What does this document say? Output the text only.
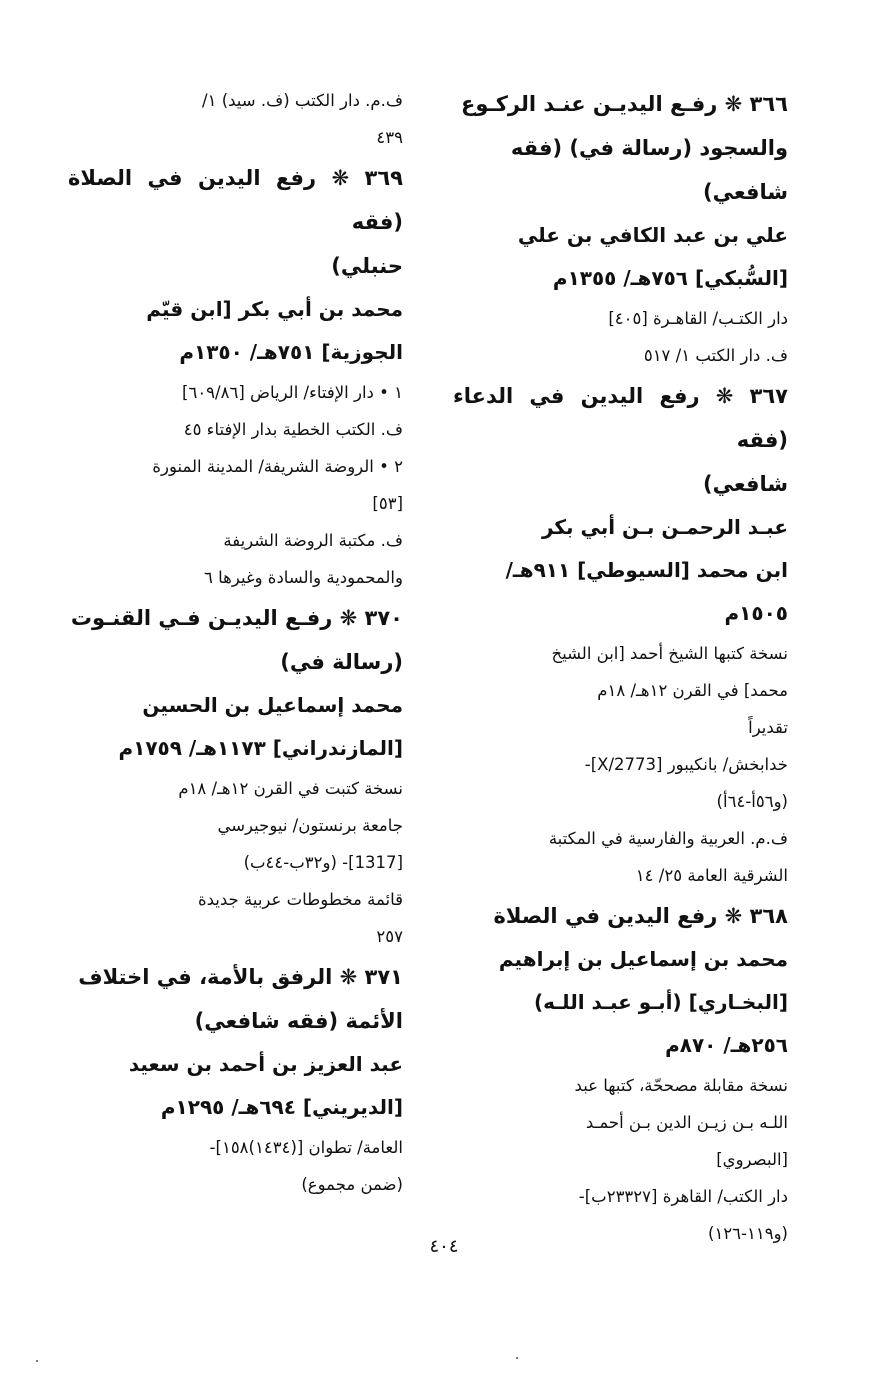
٣٦٦ ❋ رفـع اليديـن عنـد الركـوع
والسجود (رسالة في) (فقه
شافعي)
علي بن عبد الكافي بن علي
[السُّبكي] ٧٥٦هـ/ ١٣٥٥م
دار الكتـب/ القاهـرة [٤٠٥]
ف. دار الكتب ١/ ٥١٧
٣٦٧ ❋ رفع اليدين في الدعاء (فقه
شافعي)
عبـد الرحمـن بـن أبي بكر
ابن محمد [السيوطي] ٩١١هـ/
١٥٠٥م
نسخة كتبها الشيخ أحمد [ابن الشيخ
محمد] في القرن ١٢هـ/ ١٨م
تقديراً
خدابخش/ بانكيبور [2773/X]-
(و٥٦أ-٦٤أ)
ف.م. العربية والفارسية في المكتبة
الشرقية العامة ٢٥/ ١٤
٣٦٨ ❋ رفع اليدين في الصلاة
محمد بن إسماعيل بن إبراهيم
[البخـاري] (أبـو عبـد اللـه)
٢٥٦هـ/ ٨٧٠م
نسخة مقابلة مصححّة، كتبها عبد
اللـه بـن زيـن الدين بـن أحمـد
[البصروي]
دار الكتب/ القاهرة [٢٣٣٢٧ب]-
(و١١٩-١٢٦)
ف.م. دار الكتب (ف. سيد) ١/
٤٣٩
٣٦٩ ❋ رفع اليدين في الصلاة (فقه
حنبلي)
محمد بن أبي بكر [ابن قيّم
الجوزية] ٧٥١هـ/ ١٣٥٠م
١ • دار الإفتاء/ الرياض [٦٠٩/٨٦]
ف. الكتب الخطية بدار الإفتاء ٤٥
٢ • الروضة الشريفة/ المدينة المنورة
[٥٣]
ف. مكتبة الروضة الشريفة
والمحمودية والسادة وغيرها ٦
٣٧٠ ❋ رفـع اليديـن فـي القنـوت
(رسالة في)
محمد إسماعيل بن الحسين
[المازندراني] ١١٧٣هـ/ ١٧٥٩م
نسخة كتبت في القرن ١٢هـ/ ١٨م
جامعة برنستون/ نيوجيرسي
[1317]- (و٣٢ب-٤٤ب)
قائمة مخطوطات عربية جديدة
٢٥٧
٣٧١ ❋ الرفق بالأمة، في اختلاف
الأئمة (فقه شافعي)
عبد العزيز بن أحمد بن سعيد
[الديريني] ٦٩٤هـ/ ١٢٩٥م
العامة/ تطوان [(١٤٣٤)١٥٨]-
(ضمن مجموع)
٤٠٤
